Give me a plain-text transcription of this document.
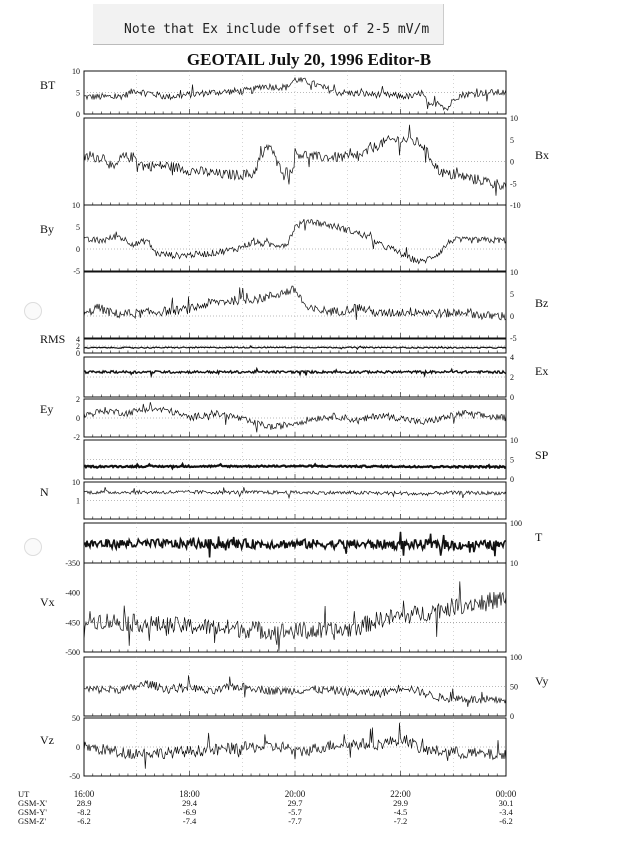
Note that Ex include offset of 2-5 mV/m
GEOTAIL July 20, 1996 Editor-B
10
5
0
BT
10
5
0
-5
-10
Bx
10
5
0
-5
By
10
5
0
-5
Bz
4
2
0
RMS
4
2
0
Ex
2
0
-2
Ey
10
5
0
SP
10
1
N
100
10
T
-350
-400
-450
-500
Vx
100
50
0
Vy
50
0
-50
Vz
UT
GSM-X'
GSM-Y'
GSM-Z'
16:00
28.9
-8.2
-6.2
18:00
29.4
-6.9
-7.4
20:00
29.7
-5.7
-7.7
22:00
29.9
-4.5
-7.2
00:00
30.1
-3.4
-6.2
